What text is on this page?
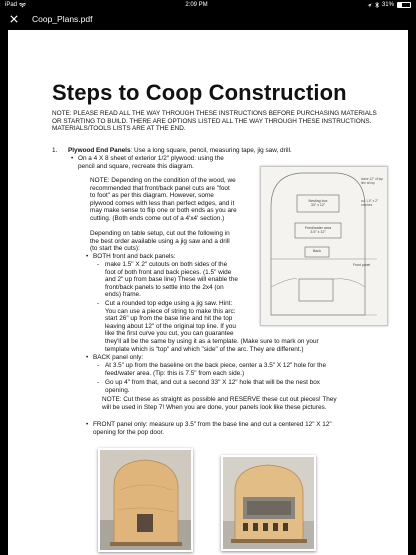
iPad	2:09 PM	31%
Coop_Plans.pdf
Steps to Coop Construction
NOTE: PLEASE READ ALL THE WAY THROUGH THESE INSTRUCTIONS BEFORE PURCHASING MATERIALS OR STARTING TO BUILD. THERE ARE OPTIONS LISTED ALL THE WAY THROUGH THESE INSTRUCTIONS. MATERIALS/TOOLS LISTS ARE AT THE END.
1. Plywood End Panels: Use a long square, pencil, measuring tape, jig saw, drill.
• On a 4 X 8 sheet of exterior 1/2" plywood: using the
pencil and square, recreate this diagram.
NOTE: Depending on the condition of the wood, we
recommended that front/back panel cuts are "foot
to foot" as per this diagram. However, some
plywood comes with less than perfect edges, and it
may make sense to flip one or both ends as you are
cutting. (Both ends come out of a 4'x4' section.)
Depending on table setup, cut out the following in
the best order available using a jig saw and a drill
(to start the cuts):
• BOTH front and back panels:
- make 1.5" X 2" cutouts on both sides of the
foot of both front and back pieces. (1.5" wide
and 2" up from base line) These will enable the
front/back panels to settle into the 2x4 (on
ends) frame.
- Cut a rounded top edge using a jig saw. Hint:
You can use a piece of string to make this arc:
start 26" up from the base line and hit the top
leaving about 12" of the original top line. If you
like the first curve you cut, you can guarantee
they'll all be the same by using it as a template. (Make sure to mark on your
template which is "top" and which "side" of the arc. They are different.)
• BACK panel only:
- At 3.5" up from the baseline on the back piece, center a 3.5" X 12" hole for the
feed/water area. (Tip: this is 7.5" from each side.)
- Go up 4" from that, and cut a second 33" X 12" hole that will be the nest box
opening.
NOTE: Cut these as straight as possible and RESERVE these cut out pieces! They
will be used in Step 7! When you are done, your panels look like these pictures.
• FRONT panel only: measure up 3.5" from the base line and cut a centered 12" X 12"
opening for the pop door.
Nesting box
33" x 12"
Feed/water area
3.5" x 12"
Back
Front panel
leave 12" of top
line at top
cut 1.5" x 2"
notches
